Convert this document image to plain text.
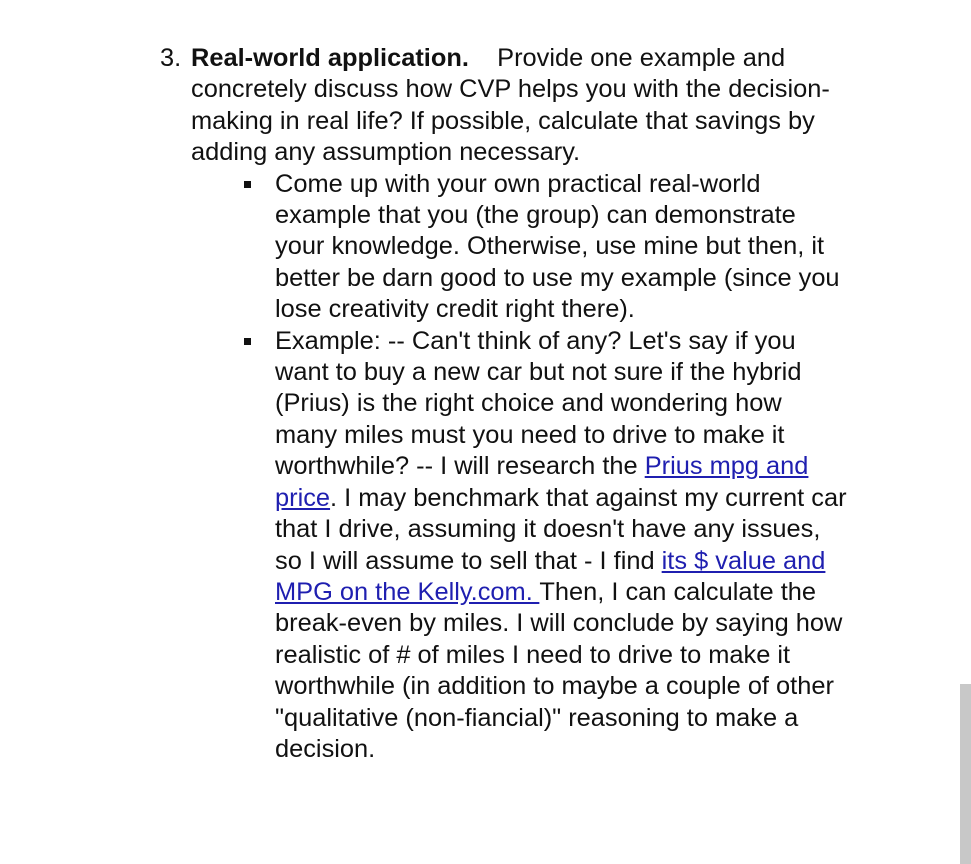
3. Real-world application. Provide one example and concretely discuss how CVP helps you with the decision-making in real life? If possible, calculate that savings by adding any assumption necessary.
Come up with your own practical real-world example that you (the group) can demonstrate your knowledge. Otherwise, use mine but then, it better be darn good to use my example (since you lose creativity credit right there).
Example: -- Can't think of any? Let's say if you want to buy a new car but not sure if the hybrid (Prius) is the right choice and wondering how many miles must you need to drive to make it worthwhile? -- I will research the Prius mpg and price. I may benchmark that against my current car that I drive, assuming it doesn't have any issues, so I will assume to sell that - I find its $ value and MPG on the Kelly.com. Then, I can calculate the break-even by miles. I will conclude by saying how realistic of # of miles I need to drive to make it worthwhile (in addition to maybe a couple of other "qualitative (non-fiancial)" reasoning to make a decision.
